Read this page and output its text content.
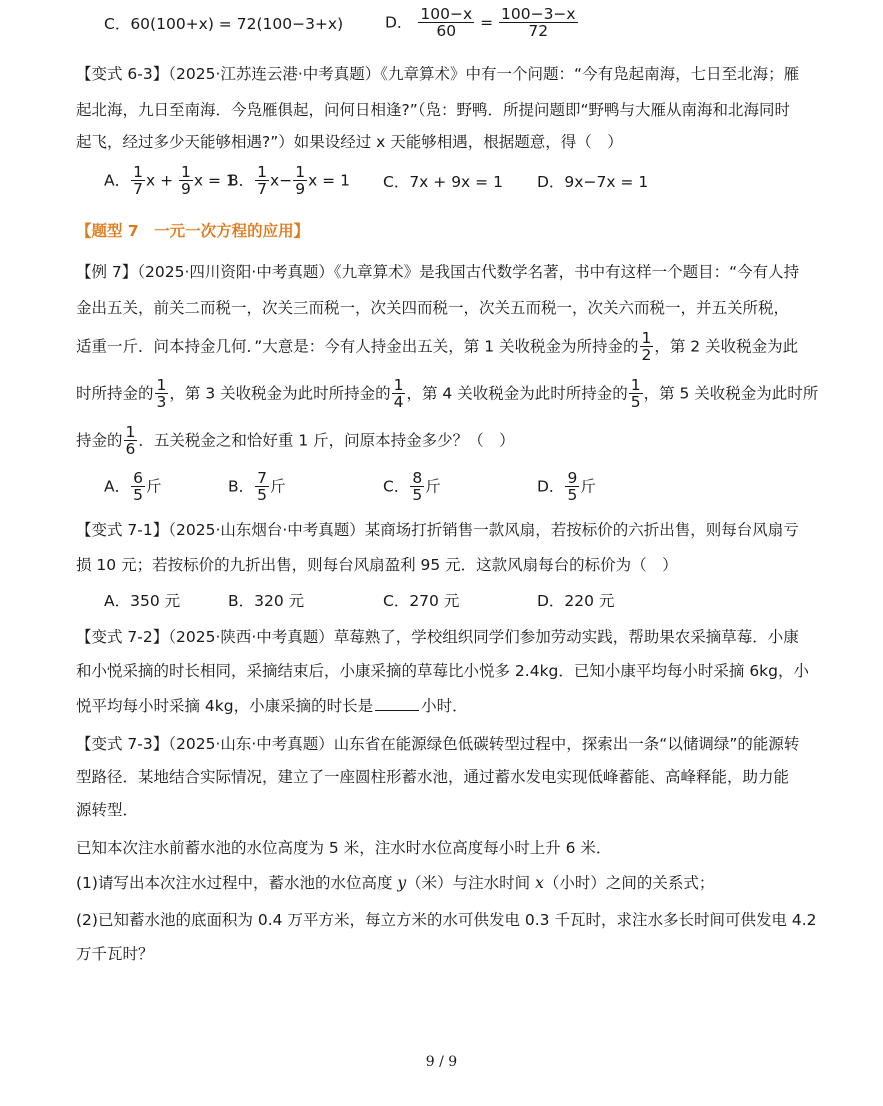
C．60(100+x) = 72(100−3+x)	D． $\frac{100-x}{60} = \frac{100-3-x}{72}$
【变式 6-3】（2025·江苏连云港·中考真题）《九章算术》中有一个问题：“今有凫起南海，七日至北海；雁
起北海，九日至南海．今凫雁俱起，问何日相逢?”（凫：野鸭．所提问题即“野鸭与大雁从南海和北海同时
起飞，经过多少天能够相遇?”）如果设经过 x 天能够相遇，根据题意，得（　）
A． $\frac{1}{7}$ $x + \frac{1}{9}$ x = 1
B． $\frac{1}{7} x- \frac{1}{9}$ x = 1 C．7x + 9x = 1 D．9x−7x = 1
【题型 7　一元一次方程的应用】
【例 7】（2025·四川资阳·中考真题）《九章算术》是我国古代数学名著，书中有这样一个题目：“今有人持
金出五关，前关二而税一，次关三而税一，次关四而税一，次关五而税一，次关六而税一，并五关所税，
适重一斤．问本持金几何．”大意是：今有人持金出五关，第 1 关收税金为所持金的 $\frac{1}{2}$ ，第 2 关收税金为此
时所持金的 $\frac{1}{3}$ ，第 3 关收税金为此时所持金的 $\frac{1}{4}$ ，第 4 关收税金为此时所持金的 $\frac{1}{5}$ ，第 5 关收税金为此时所
持金的 $\frac{1}{6}$ ．五关税金之和恰好重 1 斤，问原本持金多少？（　）
A． $\frac{6}{5}$ 斤	B． $\frac{7}{5}$ 斤	C． $\frac{8}{5}$ 斤	D． $\frac{9}{5}$ 斤
【变式 7-1】（2025·山东烟台·中考真题）某商场打折销售一款风扇，若按标价的六折出售，则每台风扇亏
损 10 元；若按标价的九折出售，则每台风扇盈利 95 元．这款风扇每台的标价为（　）
A．350 元	B．320 元	C．270 元	D．220 元
【变式 7-2】（2025·陕西·中考真题）草莓熟了，学校组织同学们参加劳动实践，帮助果农采摘草莓．小康
和小悦采摘的时长相同，采摘结束后，小康采摘的草莓比小悦多 2.4kg．已知小康平均每小时采摘 6kg，小
悦平均每小时采摘 4kg，小康采摘的时长是	小时．
【变式 7-3】（2025·山东·中考真题）山东省在能源绿色低碳转型过程中，探索出一条“以储调绿”的能源转
型路径．某地结合实际情况，建立了一座圆柱形蓄水池，通过蓄水发电实现低峰蓄能、高峰释能，助力能
源转型．
已知本次注水前蓄水池的水位高度为 5 米，注水时水位高度每小时上升 6 米．
(1)请写出本次注水过程中，蓄水池的水位高度 y（米）与注水时间 x（小时）之间的关系式；
(2)已知蓄水池的底面积为 0.4 万平方米，每立方米的水可供发电 0.3 千瓦时，求注水多长时间可供发电 4.2
万千瓦时？
9 / 9
